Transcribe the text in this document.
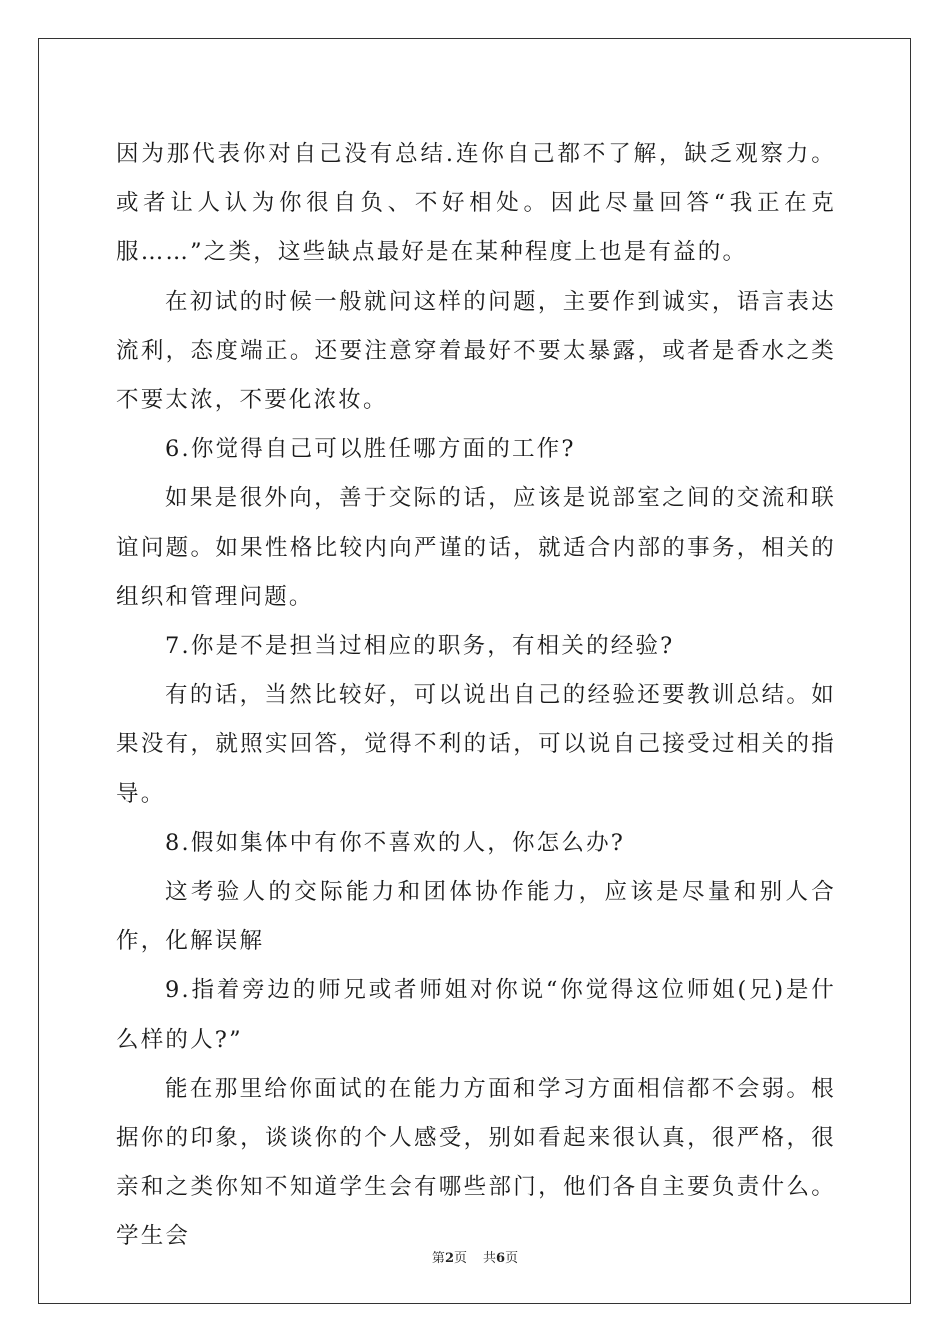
因为那代表你对自己没有总结.连你自己都不了解，缺乏观察力。或者让人认为你很自负、不好相处。因此尽量回答“我正在克服……”之类，这些缺点最好是在某种程度上也是有益的。

在初试的时候一般就问这样的问题，主要作到诚实，语言表达流利，态度端正。还要注意穿着最好不要太暴露，或者是香水之类不要太浓，不要化浓妆。

6.你觉得自己可以胜任哪方面的工作?

如果是很外向，善于交际的话，应该是说部室之间的交流和联谊问题。如果性格比较内向严谨的话，就适合内部的事务，相关的组织和管理问题。

7.你是不是担当过相应的职务，有相关的经验?

有的话，当然比较好，可以说出自己的经验还要教训总结。如果没有，就照实回答，觉得不利的话，可以说自己接受过相关的指导。

8.假如集体中有你不喜欢的人，你怎么办?

这考验人的交际能力和团体协作能力，应该是尽量和别人合作，化解误解

9.指着旁边的师兄或者师姐对你说“你觉得这位师姐(兄)是什么样的人?”

能在那里给你面试的在能力方面和学习方面相信都不会弱。根据你的印象，谈谈你的个人感受，别如看起来很认真，很严格，很亲和之类你知不知道学生会有哪些部门，他们各自主要负责什么。学生会

第2页 共6页
